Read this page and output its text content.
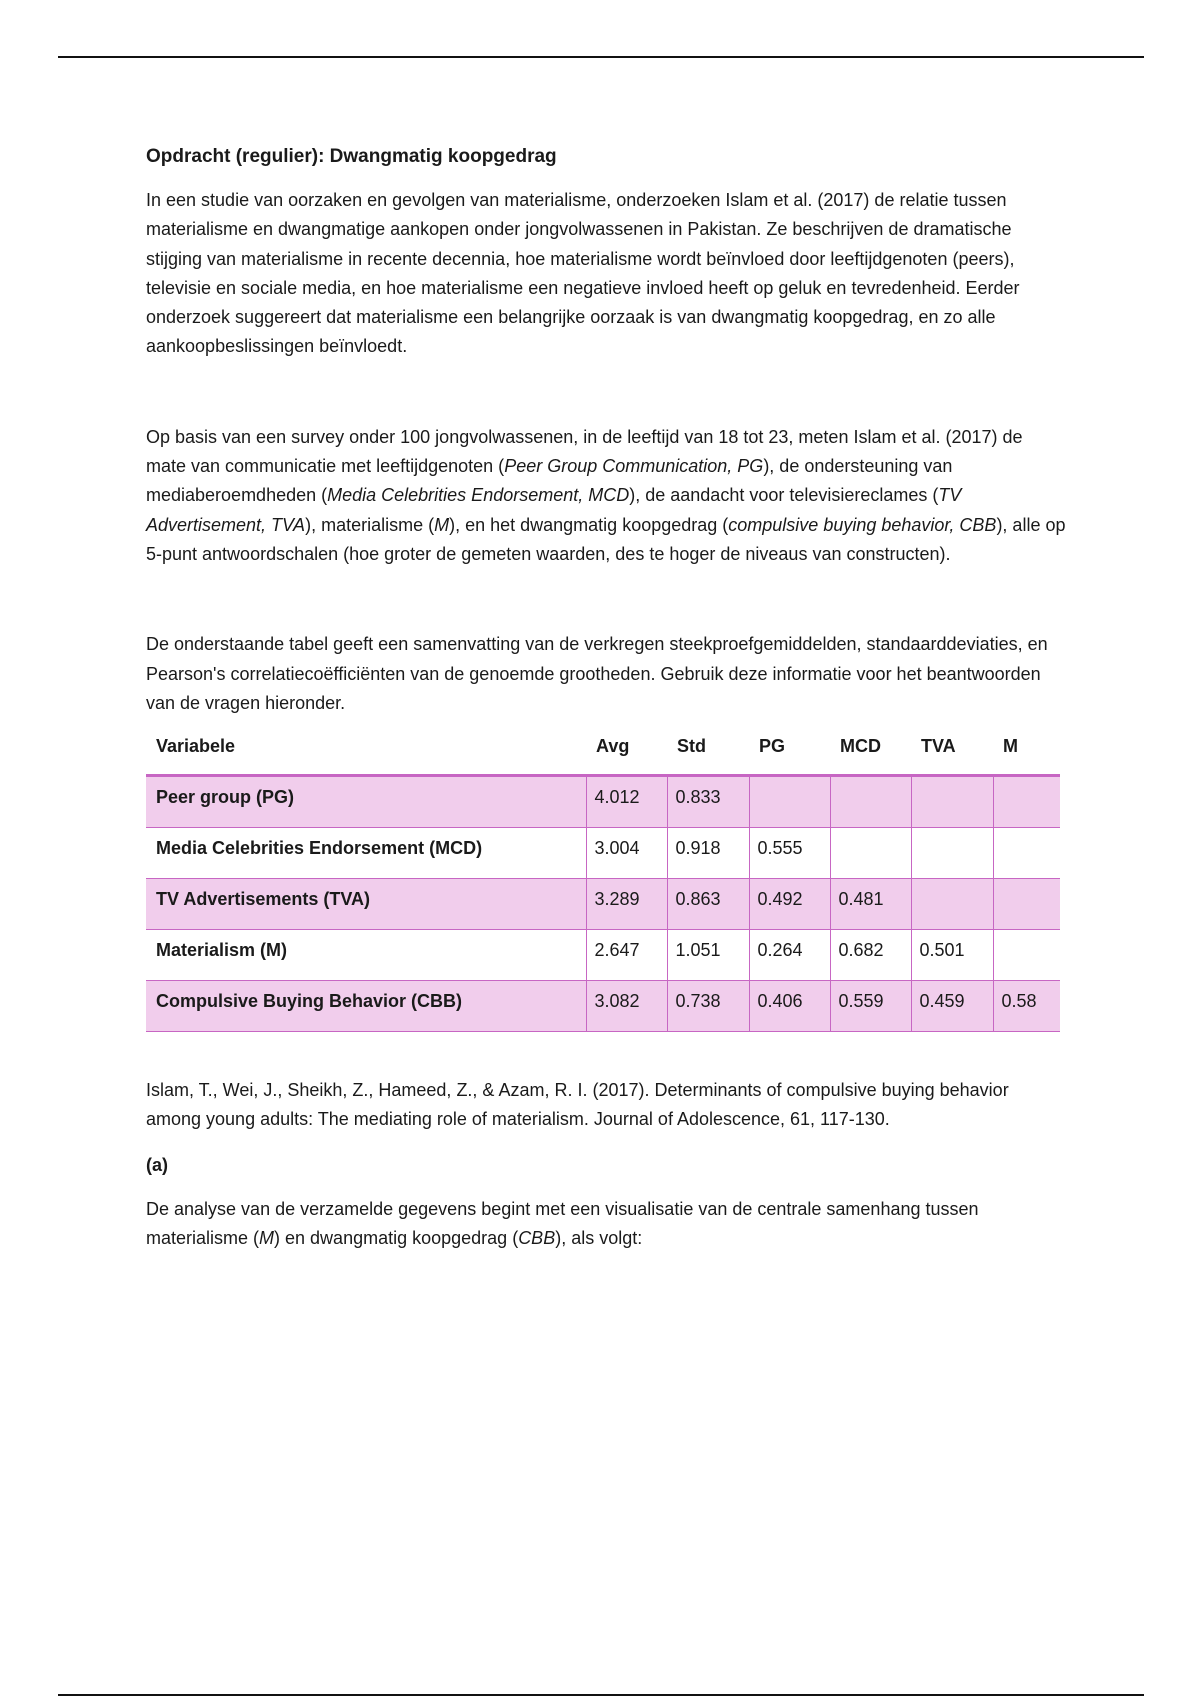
Opdracht (regulier): Dwangmatig koopgedrag

In een studie van oorzaken en gevolgen van materialisme, onderzoeken Islam et al. (2017) de relatie tussen materialisme en dwangmatige aankopen onder jongvolwassenen in Pakistan. Ze beschrijven de dramatische stijging van materialisme in recente decennia, hoe materialisme wordt beïnvloed door leeftijdgenoten (peers), televisie en sociale media, en hoe materialisme een negatieve invloed heeft op geluk en tevredenheid. Eerder onderzoek suggereert dat materialisme een belangrijke oorzaak is van dwangmatig koopgedrag, en zo alle aankoopbeslissingen beïnvloedt.

Op basis van een survey onder 100 jongvolwassenen, in de leeftijd van 18 tot 23, meten Islam et al. (2017) de mate van communicatie met leeftijdgenoten (Peer Group Communication, PG), de ondersteuning van mediaberoemdheden (Media Celebrities Endorsement, MCD), de aandacht voor televisiereclames (TV Advertisement, TVA), materialisme (M), en het dwangmatig koopgedrag (compulsive buying behavior, CBB), alle op 5-punt antwoordschalen (hoe groter de gemeten waarden, des te hoger de niveaus van constructen).

De onderstaande tabel geeft een samenvatting van de verkregen steekproefgemiddelden, standaarddeviaties, en Pearson's correlatiecoëfficiënten van de genoemde grootheden. Gebruik deze informatie voor het beantwoorden van de vragen hieronder.

Variabele	Avg	Std	PG	MCD	TVA	M
Peer group (PG)	4.012	0.833				
Media Celebrities Endorsement (MCD)	3.004	0.918	0.555			
TV Advertisements (TVA)	3.289	0.863	0.492	0.481		
Materialism (M)	2.647	1.051	0.264	0.682	0.501	
Compulsive Buying Behavior (CBB)	3.082	0.738	0.406	0.559	0.459	0.58

Islam, T., Wei, J., Sheikh, Z., Hameed, Z., & Azam, R. I. (2017). Determinants of compulsive buying behavior among young adults: The mediating role of materialism. Journal of Adolescence, 61, 117-130.

(a)

De analyse van de verzamelde gegevens begint met een visualisatie van de centrale samenhang tussen materialisme (M) en dwangmatig koopgedrag (CBB), als volgt:
